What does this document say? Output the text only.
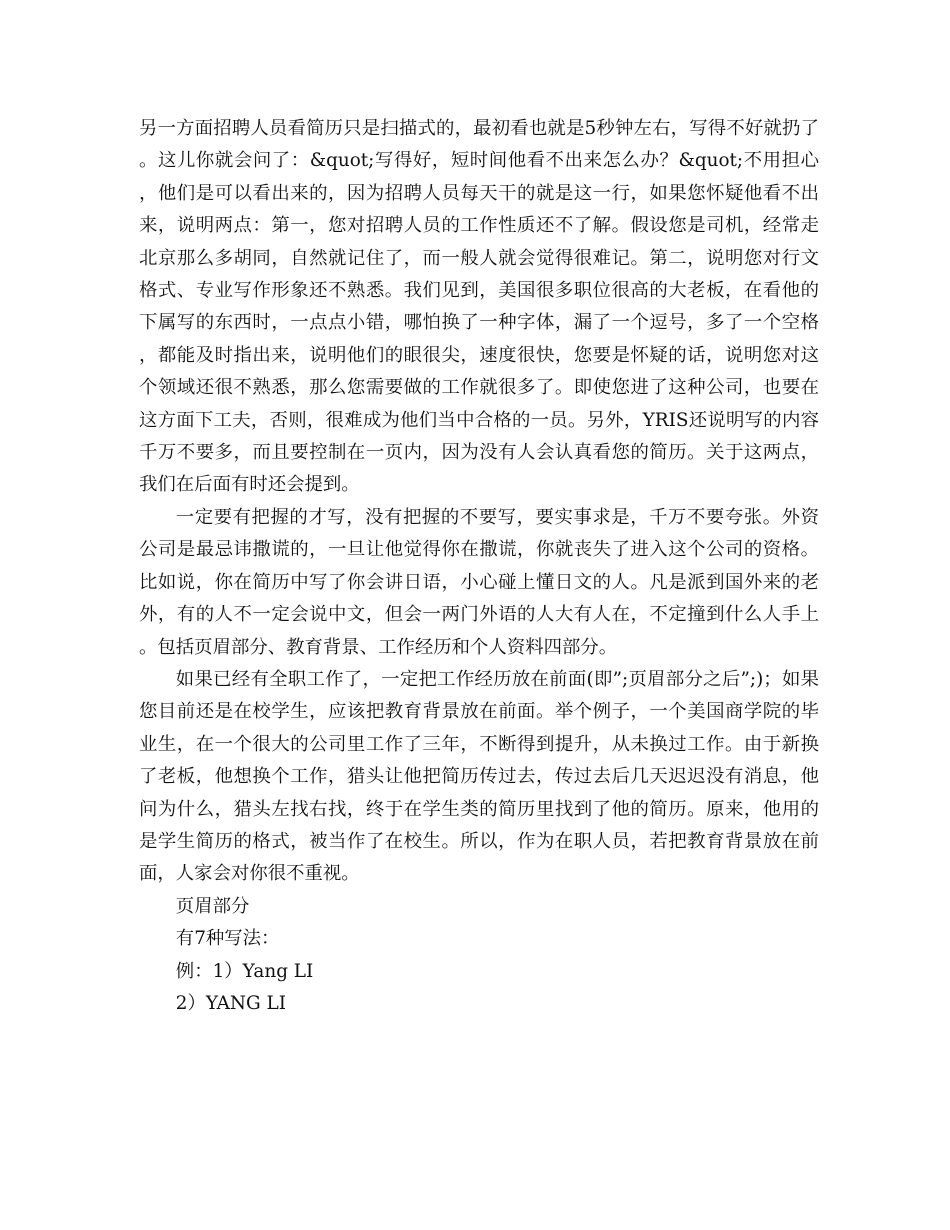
另一方面招聘人员看简历只是扫描式的，最初看也就是5秒钟左右，写得不好就扔了。这儿你就会问了：&quot;写得好，短时间他看不出来怎么办？&quot;不用担心，他们是可以看出来的，因为招聘人员每天干的就是这一行，如果您怀疑他看不出来，说明两点：第一，您对招聘人员的工作性质还不了解。假设您是司机，经常走北京那么多胡同，自然就记住了，而一般人就会觉得很难记。第二，说明您对行文格式、专业写作形象还不熟悉。我们见到，美国很多职位很高的大老板，在看他的下属写的东西时，一点点小错，哪怕换了一种字体，漏了一个逗号，多了一个空格，都能及时指出来，说明他们的眼很尖，速度很快，您要是怀疑的话，说明您对这个领域还很不熟悉，那么您需要做的工作就很多了。即使您进了这种公司，也要在这方面下工夫，否则，很难成为他们当中合格的一员。另外，YRIS还说明写的内容千万不要多，而且要控制在一页内，因为没有人会认真看您的简历。关于这两点，我们在后面有时还会提到。

一定要有把握的才写，没有把握的不要写，要实事求是，千万不要夸张。外资公司是最忌讳撒谎的，一旦让他觉得你在撒谎，你就丧失了进入这个公司的资格。比如说，你在简历中写了你会讲日语，小心碰上懂日文的人。凡是派到国外来的老外，有的人不一定会说中文，但会一两门外语的人大有人在，不定撞到什么人手上。包括页眉部分、教育背景、工作经历和个人资料四部分。

如果已经有全职工作了，一定把工作经历放在前面(即”;页眉部分之后”;)；如果您目前还是在校学生，应该把教育背景放在前面。举个例子，一个美国商学院的毕业生，在一个很大的公司里工作了三年，不断得到提升，从未换过工作。由于新换了老板，他想换个工作，猎头让他把简历传过去，传过去后几天迟迟没有消息，他问为什么，猎头左找右找，终于在学生类的简历里找到了他的简历。原来，他用的是学生简历的格式，被当作了在校生。所以，作为在职人员，若把教育背景放在前面，人家会对你很不重视。

页眉部分

有7种写法：

例：1）Yang LI

2）YANG LI
